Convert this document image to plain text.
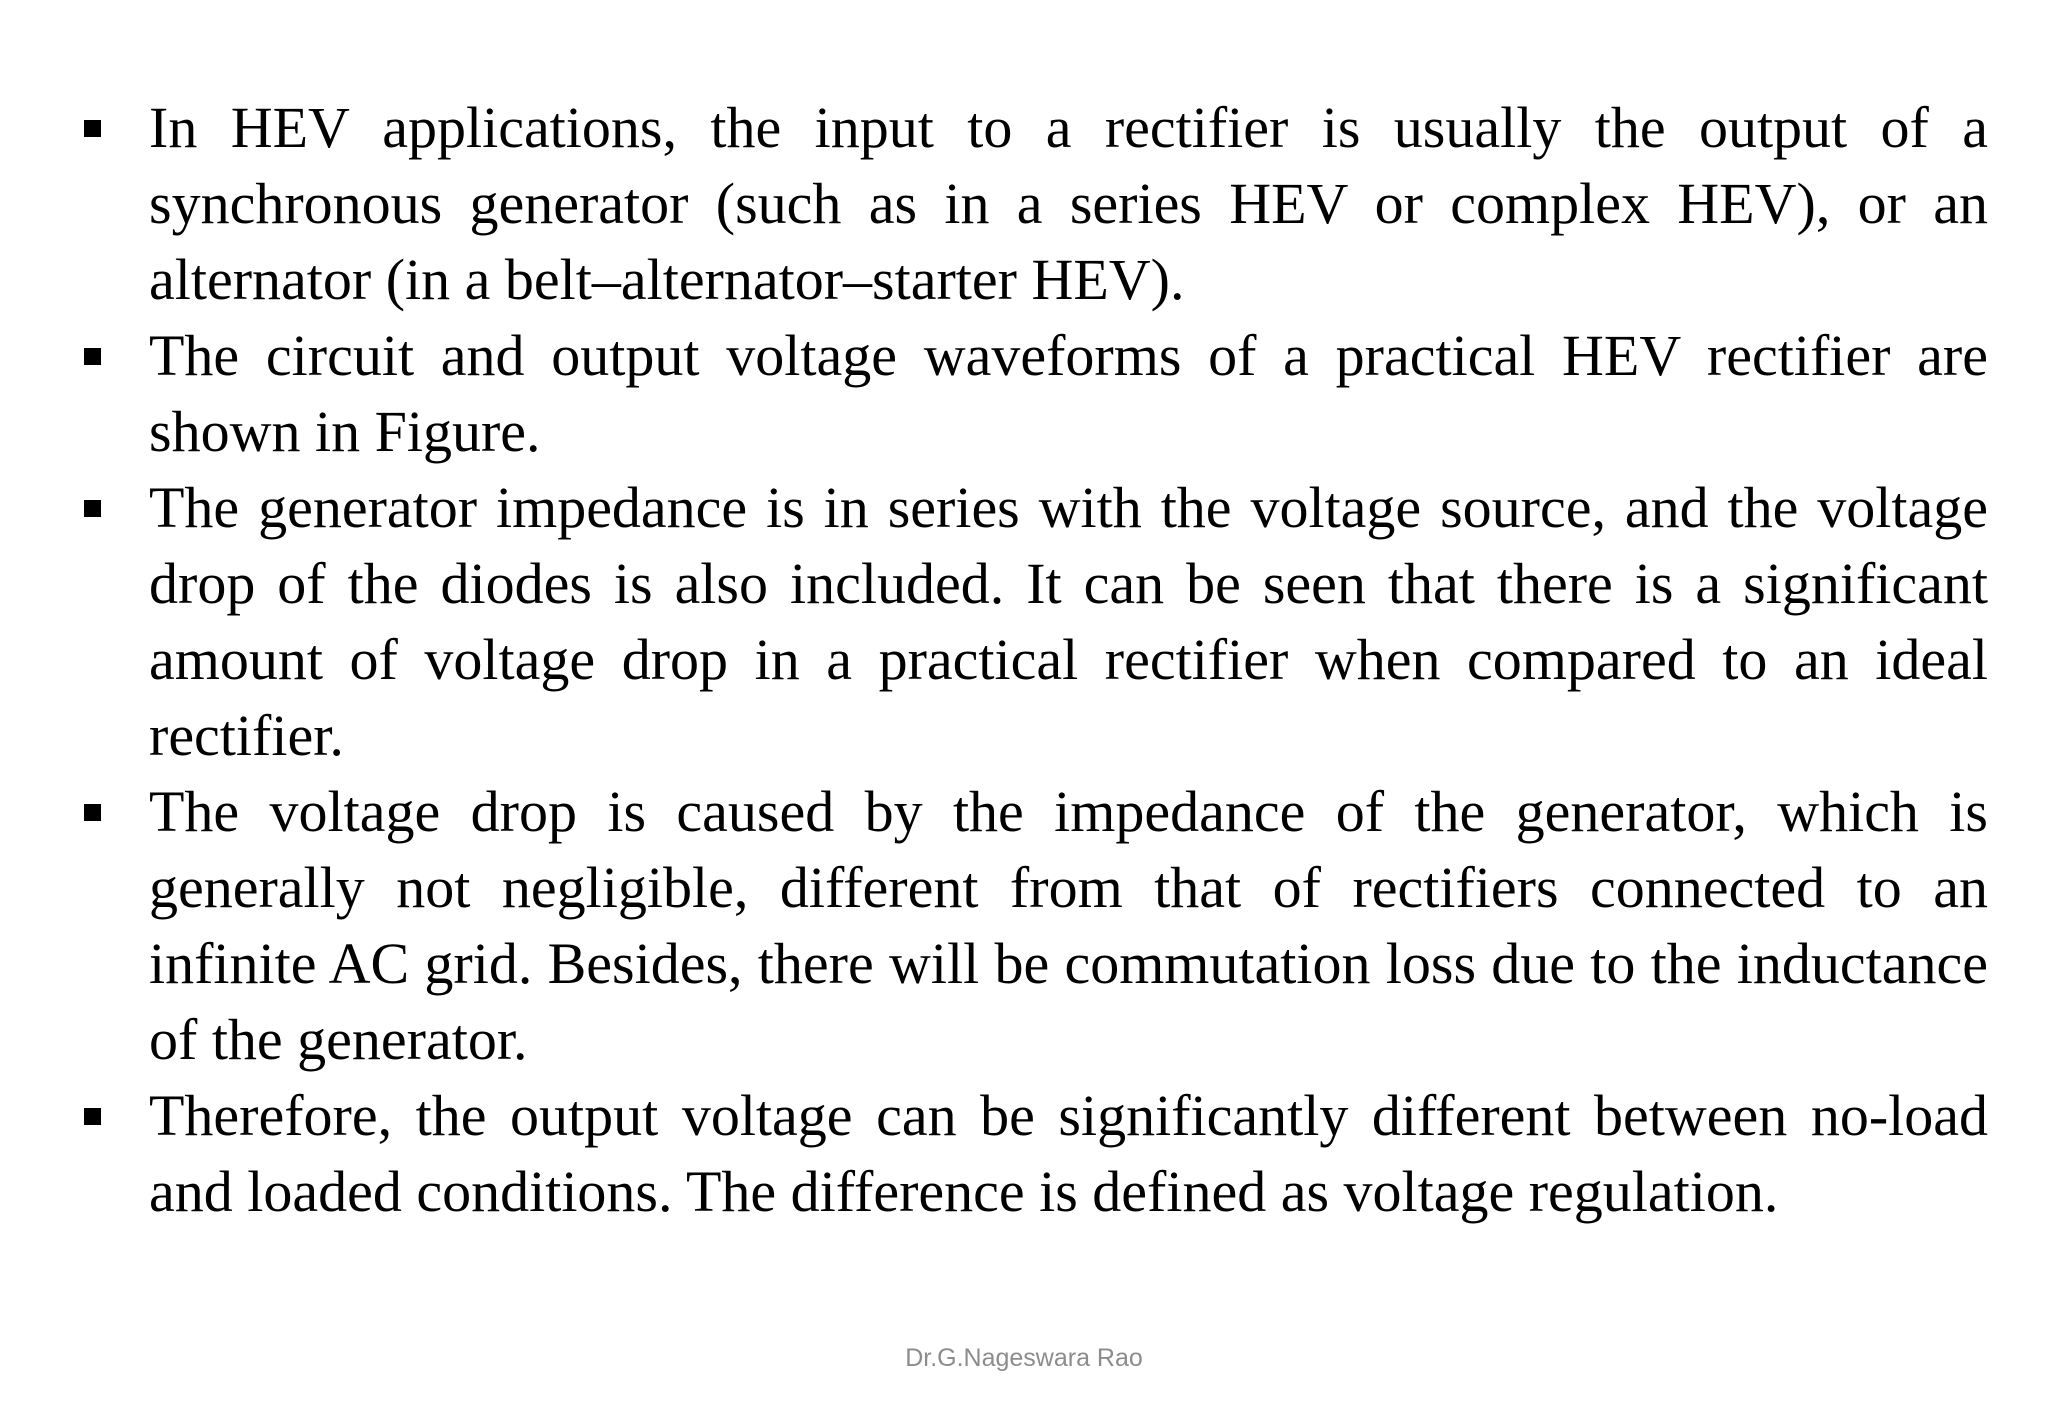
In HEV applications, the input to a rectifier is usually the output of a synchronous generator (such as in a series HEV or complex HEV), or an alternator (in a belt–alternator–starter HEV).
The circuit and output voltage waveforms of a practical HEV rectifier are shown in Figure.
The generator impedance is in series with the voltage source, and the voltage drop of the diodes is also included. It can be seen that there is a significant amount of voltage drop in a practical rectifier when compared to an ideal rectifier.
The voltage drop is caused by the impedance of the generator, which is generally not negligible, different from that of rectifiers connected to an infinite AC grid. Besides, there will be commutation loss due to the inductance of the generator.
Therefore, the output voltage can be significantly different between no-load and loaded conditions. The difference is defined as voltage regulation.

Dr.G.Nageswara Rao
